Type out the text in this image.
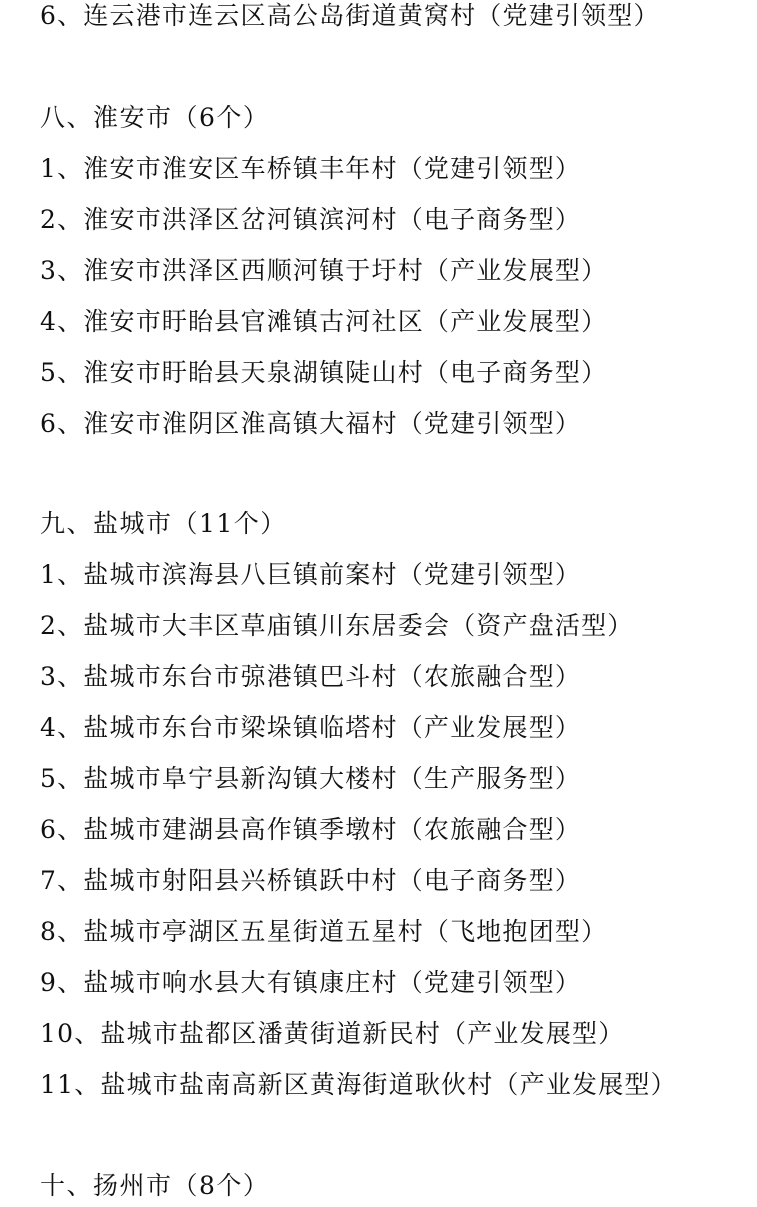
6、连云港市连云区高公岛街道黄窝村（党建引领型）
八、淮安市（6个）
1、淮安市淮安区车桥镇丰年村（党建引领型）
2、淮安市洪泽区岔河镇滨河村（电子商务型）
3、淮安市洪泽区西顺河镇于圩村（产业发展型）
4、淮安市盱眙县官滩镇古河社区（产业发展型）
5、淮安市盱眙县天泉湖镇陡山村（电子商务型）
6、淮安市淮阴区淮高镇大福村（党建引领型）
九、盐城市（11个）
1、盐城市滨海县八巨镇前案村（党建引领型）
2、盐城市大丰区草庙镇川东居委会（资产盘活型）
3、盐城市东台市弶港镇巴斗村（农旅融合型）
4、盐城市东台市梁垛镇临塔村（产业发展型）
5、盐城市阜宁县新沟镇大楼村（生产服务型）
6、盐城市建湖县高作镇季墩村（农旅融合型）
7、盐城市射阳县兴桥镇跃中村（电子商务型）
8、盐城市亭湖区五星街道五星村（飞地抱团型）
9、盐城市响水县大有镇康庄村（党建引领型）
10、盐城市盐都区潘黄街道新民村（产业发展型）
11、盐城市盐南高新区黄海街道耿伙村（产业发展型）
十、扬州市（8个）
